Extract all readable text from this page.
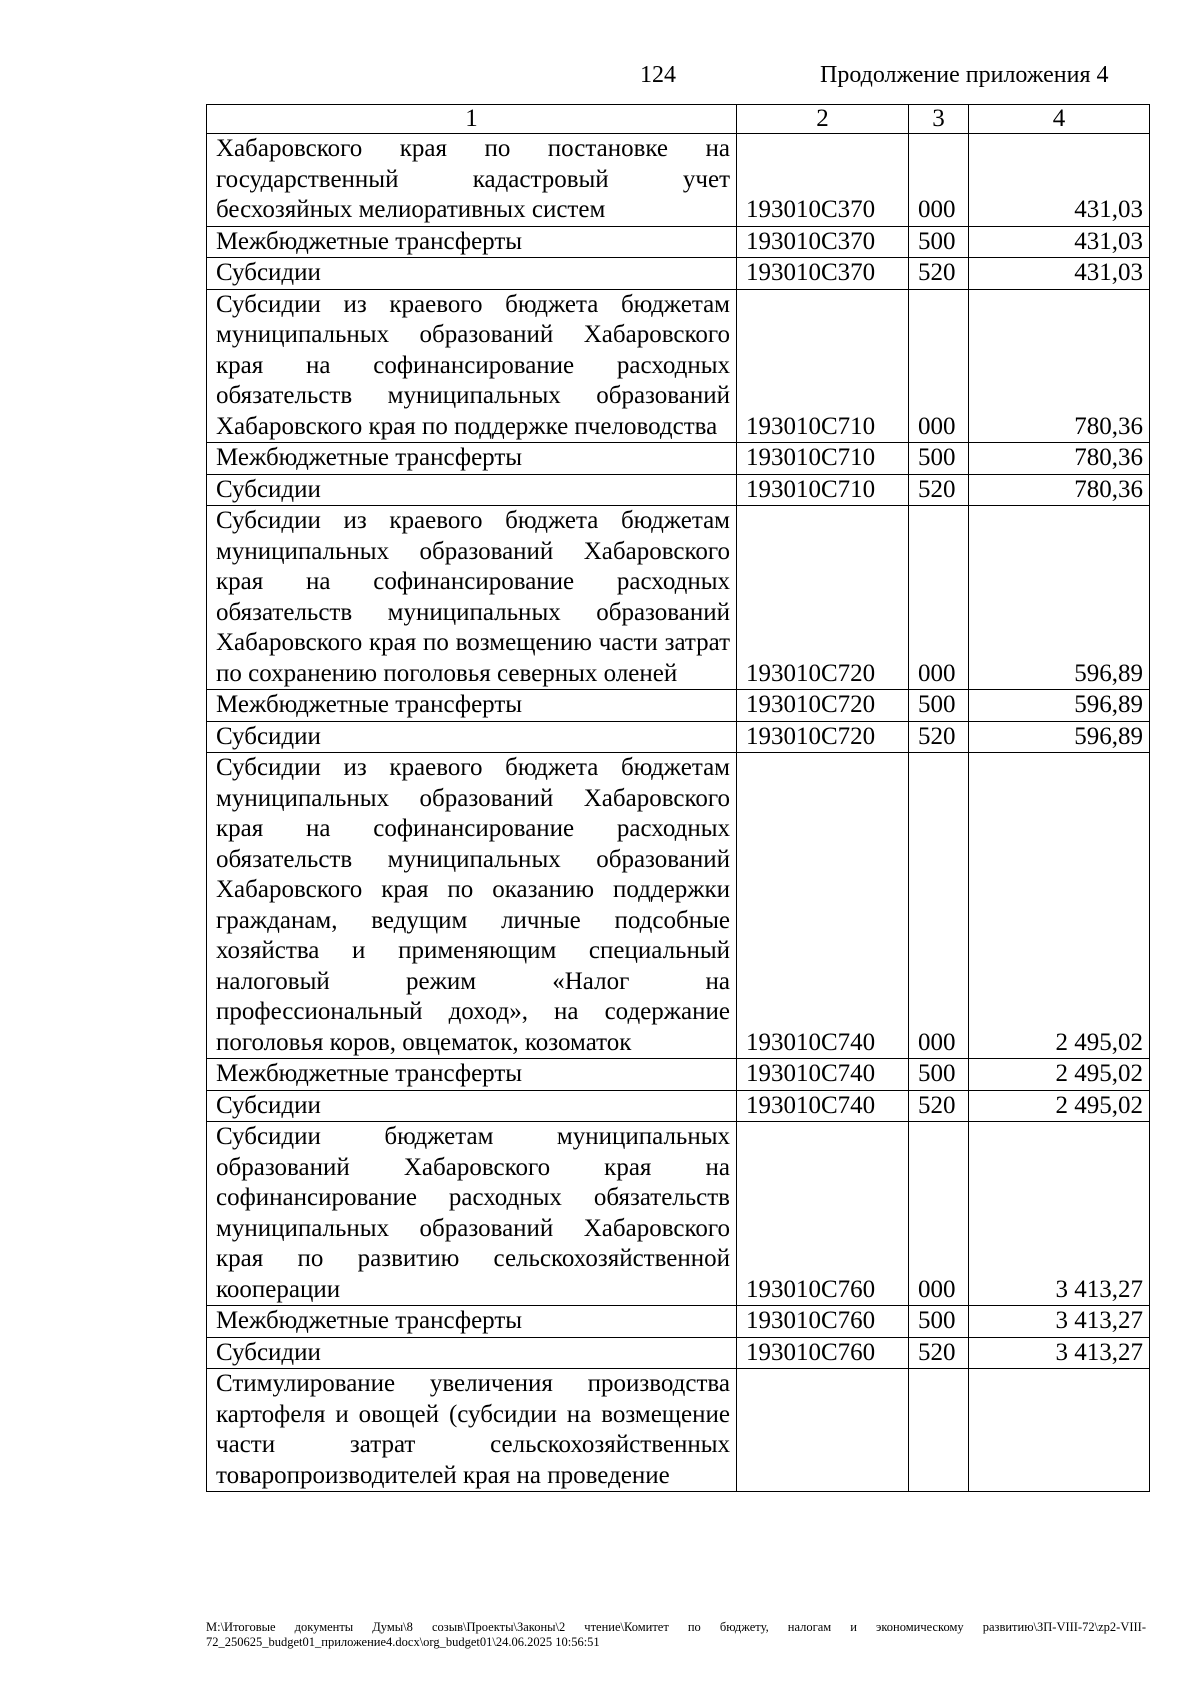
124	Продолжение приложения 4
1	2	3	4
Хабаровского края по постановке на государственный кадастровый учет бесхозяйных мелиоративных систем	193010С370	000	431,03
Межбюджетные трансферты	193010С370	500	431,03
Субсидии	193010С370	520	431,03
Субсидии из краевого бюджета бюджетам муниципальных образований Хабаровского края на софинансирование расходных обязательств муниципальных образований Хабаровского края по поддержке пчеловодства	193010С710	000	780,36
Межбюджетные трансферты	193010С710	500	780,36
Субсидии	193010С710	520	780,36
Субсидии из краевого бюджета бюджетам муниципальных образований Хабаровского края на софинансирование расходных обязательств муниципальных образований Хабаровского края по возмещению части затрат по сохранению поголовья северных оленей	193010С720	000	596,89
Межбюджетные трансферты	193010С720	500	596,89
Субсидии	193010С720	520	596,89
Субсидии из краевого бюджета бюджетам муниципальных образований Хабаровского края на софинансирование расходных обязательств муниципальных образований Хабаровского края по оказанию поддержки гражданам, ведущим личные подсобные хозяйства и применяющим специальный налоговый режим «Налог на профессиональный доход», на содержание поголовья коров, овцематок, козоматок	193010С740	000	2 495,02
Межбюджетные трансферты	193010С740	500	2 495,02
Субсидии	193010С740	520	2 495,02
Субсидии бюджетам муниципальных образований Хабаровского края на софинансирование расходных обязательств муниципальных образований Хабаровского края по развитию сельскохозяйственной кооперации	193010С760	000	3 413,27
Межбюджетные трансферты	193010С760	500	3 413,27
Субсидии	193010С760	520	3 413,27
Стимулирование увеличения производства картофеля и овощей (субсидии на возмещение части затрат сельскохозяйственных товаропроизводителей края на проведение			
M:\Итоговые документы Думы\8 созыв\Проекты\Законы\2 чтение\Комитет по бюджету, налогам и экономическому развитию\ЗП-VIII-72\zp2-VIII-72_250625_budget01_приложение4.docx\org_budget01\24.06.2025 10:56:51
